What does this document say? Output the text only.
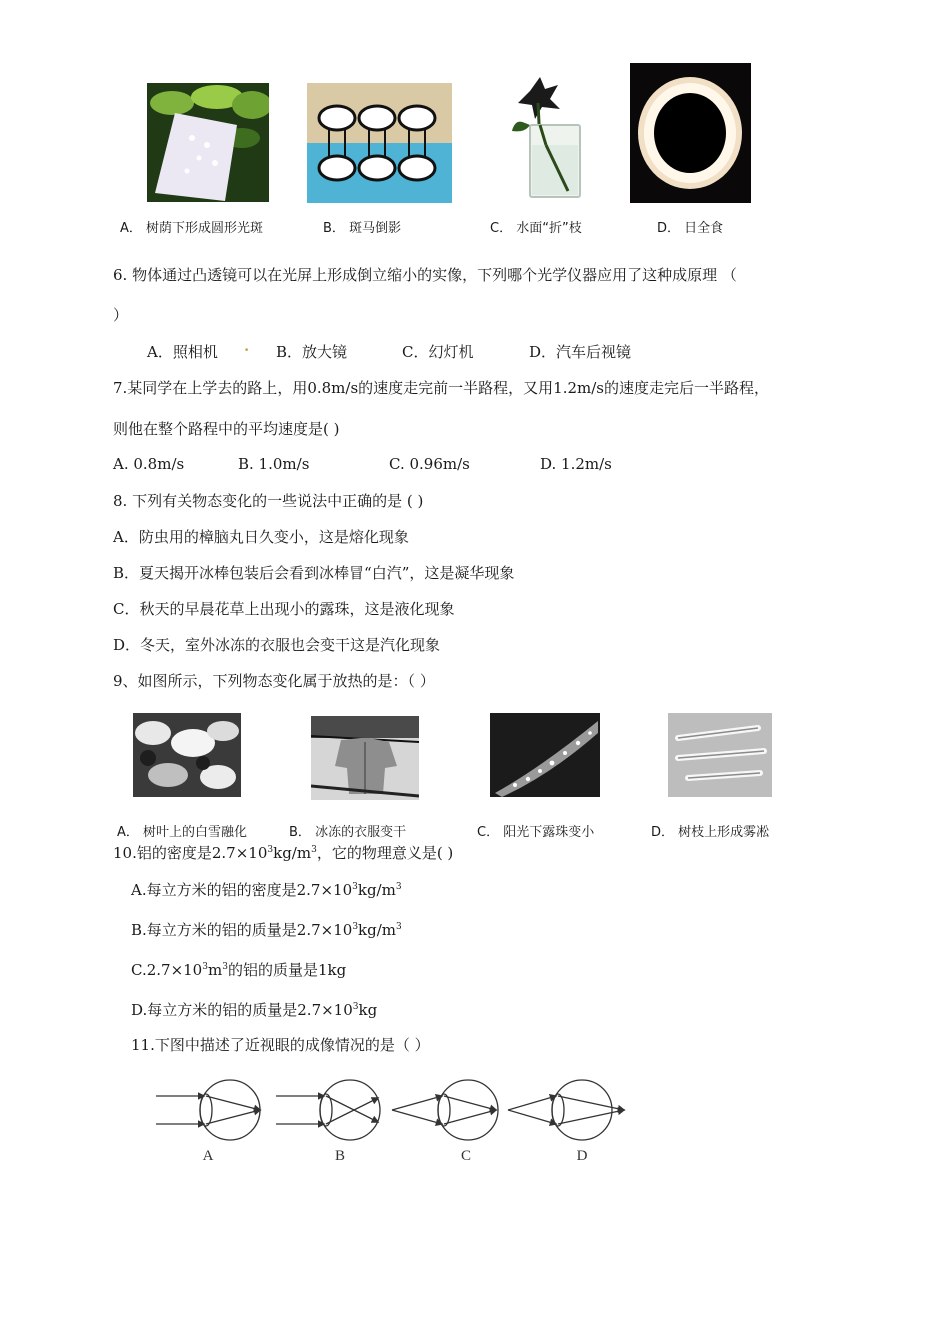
A． 树荫下形成圆形光斑	B． 斑马倒影	C． 水面“折”枝	D． 日全食
6. 物体通过凸透镜可以在光屏上形成倒立缩小的实像，下列哪个光学仪器应用了这种成原理 （
）
A．照相机 . B．放大镜	C．幻灯机	D．汽车后视镜
7.某同学在上学去的路上，用0.8m/s的速度走完前一半路程，又用1.2m/s的速度走完后一半路程，
则他在整个路程中的平均速度是( )
A. 0.8m/s	B. 1.0m/s	C. 0.96m/s	D. 1.2m/s
8. 下列有关物态变化的一些说法中正确的是 ( )
A．防虫用的樟脑丸日久变小，这是熔化现象
B．夏天揭开冰棒包装后会看到冰棒冒“白汽”，这是凝华现象
C．秋天的早晨花草上出现小的露珠，这是液化现象
D．冬天，室外冰冻的衣服也会变干这是汽化现象
9、如图所示，下列物态变化属于放热的是：（ ）
A． 树叶上的白雪融化	B． 冰冻的衣服变干	C． 阳光下露珠变小	D． 树枝上形成雾凇
10.铝的密度是$2.7\times 10^3kg/m^3$，它的物理意义是( )
A.每立方米的铝的密度是$2.7\times 10^3kg/m^3$
B.每立方米的铝的质量是$2.7\times 10^3kg/m^3$
$C.2.7\times 10^3m^3$的铝的质量是1kg
D.每立方米的铝的质量是$2.7\times 10^3kg$
11.下图中描述了近视眼的成像情况的是（ ）
A	B	C	D
